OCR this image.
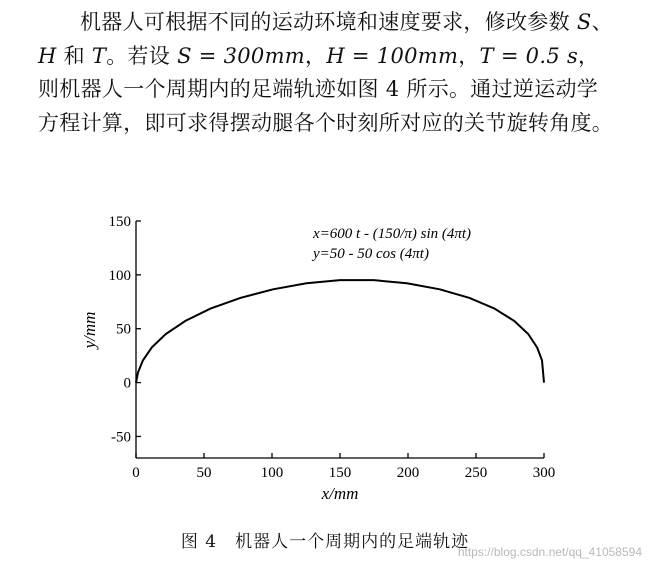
机器人可根据不同的运动环境和速度要求，修改参数 S、H 和 T。若设 S = 300mm，H = 100mm，T = 0.5 s，则机器人一个周期内的足端轨迹如图 4 所示。通过逆运动学方程计算，即可求得摆动腿各个时刻所对应的关节旋转角度。

0	50	100	150	200	250	300
-50
0
50
100
150
x=600 t - (150/π) sin (4πt)
y=50 - 50 cos (4πt)
x/mm
y/mm

图 4 机器人一个周期内的足端轨迹

https://blog.csdn.net/qq_41058594
